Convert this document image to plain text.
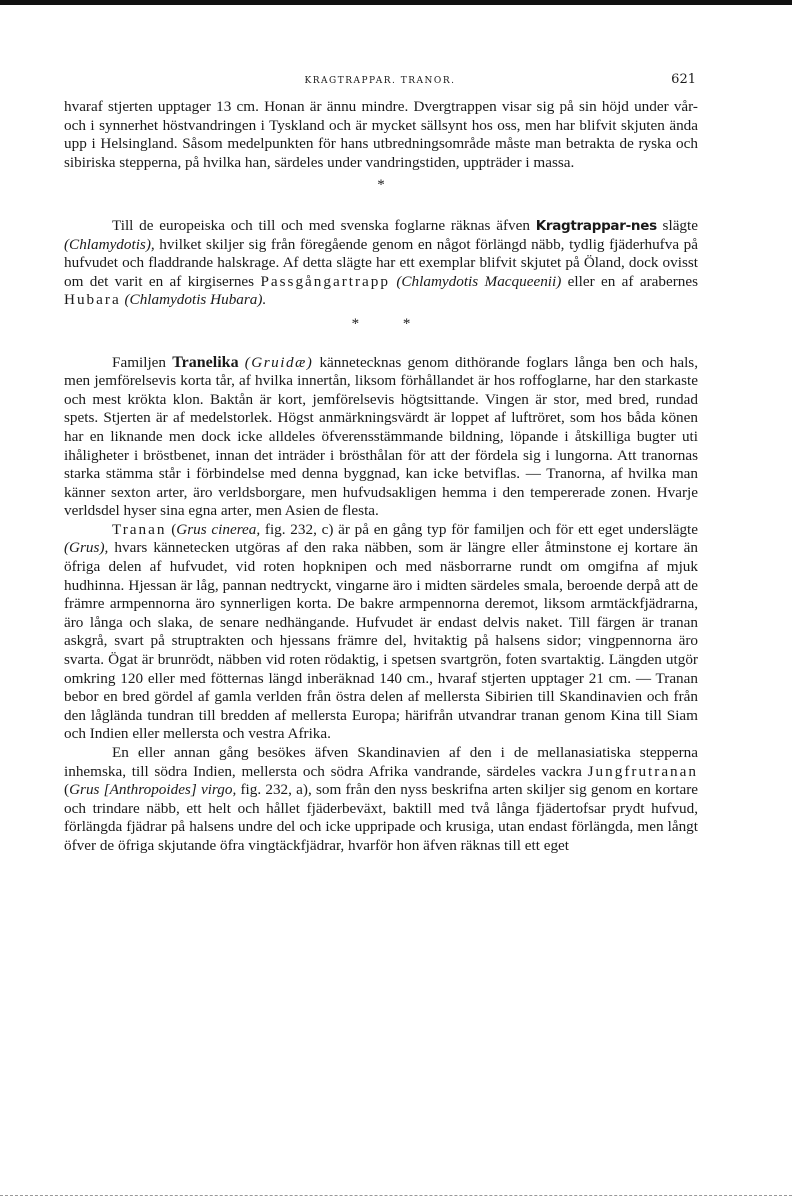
KRAGTRAPPAR. TRANOR.	621

hvaraf stjerten upptager 13 cm. Honan är ännu mindre. Dvergtrappen visar sig på sin höjd under vår- och i synnerhet höstvandringen i Tyskland och är mycket sällsynt hos oss, men har blifvit skjuten ända upp i Helsingland. Såsom medelpunkten för hans utbredningsområde måste man betrakta de ryska och sibiriska stepperna, på hvilka han, särdeles under vandringstiden, uppträder i massa.

*

Till de europeiska och till och med svenska foglarne räknas äfven Kragtrappar-nes slägte (Chlamydotis), hvilket skiljer sig från föregående genom en något förlängd näbb, tydlig fjäderhufva på hufvudet och fladdrande halskrage. Af detta slägte har ett exemplar blifvit skjutet på Öland, dock ovisst om det varit en af kirgisernes Passgångartrapp (Chlamydotis Macqueenii) eller en af arabernes Hubara (Chlamydotis Hubara).

* *

Familjen Tranelika (Gruidæ) kännetecknas genom dithörande foglars långa ben och hals, men jemförelsevis korta tår, af hvilka innertån, liksom förhållandet är hos roffoglarne, har den starkaste och mest krökta klon. Baktån är kort, jemförelsevis högtsittande. Vingen är stor, med bred, rundad spets. Stjerten är af medelstorlek. Högst anmärkningsvärdt är loppet af luftröret, som hos båda könen har en liknande men dock icke alldeles öfverensstämmande bildning, löpande i åtskilliga bugter uti ihåligheter i bröstbenet, innan det inträder i brösthålan för att der fördela sig i lungorna. Att tranornas starka stämma står i förbindelse med denna byggnad, kan icke betviflas. — Tranorna, af hvilka man känner sexton arter, äro verldsborgare, men hufvudsakligen hemma i den tempererade zonen. Hvarje verldsdel hyser sina egna arter, men Asien de flesta.

Tranan (Grus cinerea, fig. 232, c) är på en gång typ för familjen och för ett eget underslägte (Grus), hvars kännetecken utgöras af den raka näbben, som är längre eller åtminstone ej kortare än öfriga delen af hufvudet, vid roten hopknipen och med näsborrarne rundt om omgifna af mjuk hudhinna. Hjessan är låg, pannan nedtryckt, vingarne äro i midten särdeles smala, beroende derpå att de främre armpennorna äro synnerligen korta. De bakre armpennorna deremot, liksom armtäckfjädrarna, äro långa och slaka, de senare nedhängande. Hufvudet är endast delvis naket. Till färgen är tranan askgrå, svart på struptrakten och hjessans främre del, hvitaktig på halsens sidor; vingpennorna äro svarta. Ögat är brunrödt, näbben vid roten rödaktig, i spetsen svartgrön, foten svartaktig. Längden utgör omkring 120 eller med fötternas längd inberäknad 140 cm., hvaraf stjerten upptager 21 cm. — Tranan bebor en bred gördel af gamla verlden från östra delen af mellersta Sibirien till Skandinavien och från den låglända tundran till bredden af mellersta Europa; härifrån utvandrar tranan genom Kina till Siam och Indien eller mellersta och vestra Afrika.

En eller annan gång besökes äfven Skandinavien af den i de mellanasiatiska stepperna inhemska, till södra Indien, mellersta och södra Afrika vandrande, särdeles vackra Jungfrutranan (Grus [Anthropoides] virgo, fig. 232, a), som från den nyss beskrifna arten skiljer sig genom en kortare och trindare näbb, ett helt och hållet fjäderbeväxt, baktill med två långa fjädertofsar prydt hufvud, förlängda fjädrar på halsens undre del och icke uppripade och krusiga, utan endast förlängda, men långt öfver de öfriga skjutande öfra vingtäckfjädrar, hvarför hon äfven räknas till ett eget
